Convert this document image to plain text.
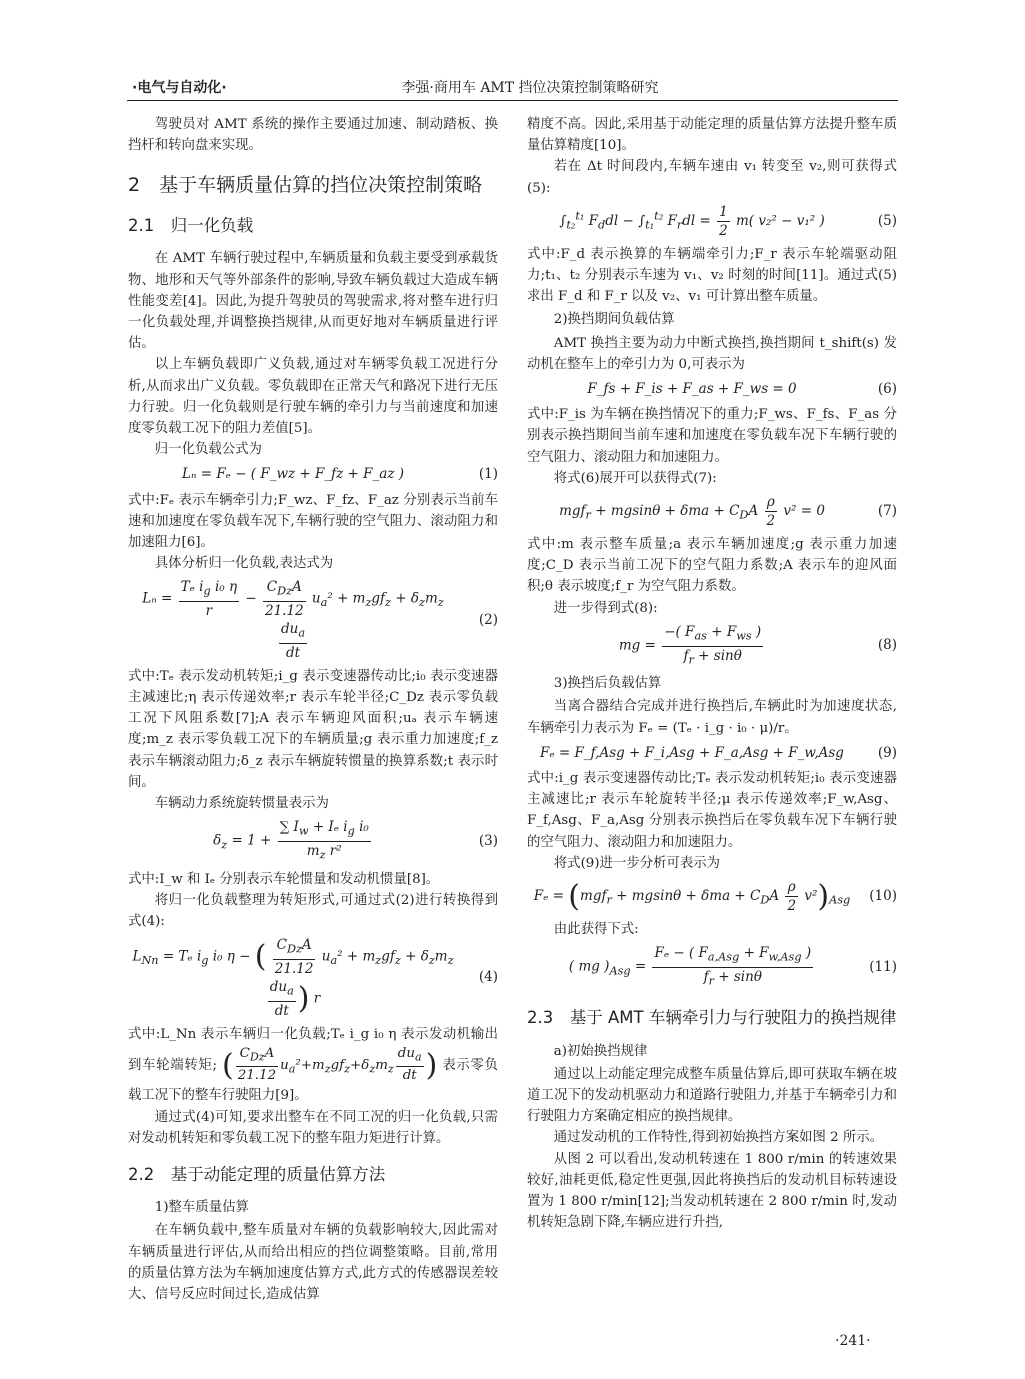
·电气与自动化·	李强·商用车 AMT 挡位决策控制策略研究

驾驶员对 AMT 系统的操作主要通过加速、制动踏板、换挡杆和转向盘来实现。

2　基于车辆质量估算的挡位决策控制策略
2.1　归一化负载

在 AMT 车辆行驶过程中,车辆质量和负载主要受到承载货物、地形和天气等外部条件的影响,导致车辆负载过大造成车辆性能变差[4]。因此,为提升驾驶员的驾驶需求,将对整车进行归一化负载处理,并调整换挡规律,从而更好地对车辆质量进行评估。

以上车辆负载即广义负载,通过对车辆零负载工况进行分析,从而求出广义负载。零负载即在正常天气和路况下进行无压力行驶。归一化负载则是行驶车辆的牵引力与当前速度和加速度零负载工况下的阻力差值[5]。

归一化负载公式为

Lₙ = Fₑ − ( F_wz + F_fz + F_az )	(1)

式中:Fₑ 表示车辆牵引力;F_wz、F_fz、F_az 分别表示当前车速和加速度在零负载车况下,车辆行驶的空气阻力、滚动阻力和加速阻力[6]。

具体分析归一化负载,表达式为

$L_n = \frac{T_e i_g i_0 \eta}{r} - \frac{C_{Dz}A}{21.12} u_a^2 + m_zgf_z + \delta_zm_z$
$\frac{du_a}{dt}$
(2)

式中:Tₑ 表示发动机转矩;i_g 表示变速器传动比;i₀ 表示变速器主减速比;η 表示传递效率;r 表示车轮半径;C_Dz 表示零负载工况下风阻系数[7];A 表示车辆迎风面积;uₐ 表示车辆速度;m_z 表示零负载工况下的车辆质量;g 表示重力加速度;f_z 表示车辆滚动阻力;δ_z 表示车辆旋转惯量的换算系数;t 表示时间。

车辆动力系统旋转惯量表示为

$\delta_z = 1 + \frac{\sum I_w + I_e i_g i_0}{m_z r^2}$	(3)

式中:I_w 和 Iₑ 分别表示车轮惯量和发动机惯量[8]。

将归一化负载整理为转矩形式,可通过式(2)进行转换得到式(4):

$L_{Nn} = T_e$ $i_g$ i₀ η − ( $\frac{C_{Dz}A}{21.12} u_a^2 + m_zgf_z + \delta_zm_z$
$\frac{du_a}{dt}$ ) r
(4)

式中:L_Nn 表示车辆归一化负载;Tₑ i_g i₀ η 表示发动机输出到车轮端转矩; ( $\frac{C_{Dz}A}{21.12} u_a^2+m_zgf_z+\delta_zm_z \frac{du_a}{dt}$ ) 表示零负载工况下的整车行驶阻力[9]。

通过式(4)可知,要求出整车在不同工况的归一化负载,只需对发动机转矩和零负载工况下的整车阻力矩进行计算。

2.2　基于动能定理的质量估算方法

1)整车质量估算

在车辆负载中,整车质量对车辆的负载影响较大,因此需对车辆质量进行评估,从而给出相应的挡位调整策略。目前,常用的质量估算方法为车辆加速度估算方式,此方式的传感器误差较大、信号反应时间过长,造成估算

精度不高。因此,采用基于动能定理的质量估算方法提升整车质量估算精度[10]。

若在 Δt 时间段内,车辆车速由 v₁ 转变至 v₂,则可获得式(5):

$\int_{t_2}^{t_1}$ $F_ddl - \int_{t_1}^{t_2}$ $F_rdl = \frac{1}{2} m$( v₂² − v₁² )	(5)

式中:F_d 表示换算的车辆端牵引力;F_r 表示车轮端驱动阻力;t₁、t₂ 分别表示车速为 v₁、v₂ 时刻的时间[11]。通过式(5)求出 F_d 和 F_r 以及 v₂、v₁ 可计算出整车质量。

2)换挡期间负载估算

AMT 换挡主要为动力中断式换挡,换挡期间 t_shift(s) 发动机在整车上的牵引力为 0,可表示为

F_fs + F_is + F_as + F_ws = 0	(6)

式中:F_is 为车辆在换挡情况下的重力;F_ws、F_fs、F_as 分别表示换挡期间当前车速和加速度在零负载车况下车辆行驶的空气阻力、滚动阻力和加速阻力。

将式(6)展开可以获得式(7):

$mgf_r + mgsin\theta + \delta ma + C_DA \frac{\rho}{2} v^2 = 0$	(7)

式中:m 表示整车质量;a 表示车辆加速度;g 表示重力加速度;C_D 表示当前工况下的空气阻力系数;A 表示车的迎风面积;θ 表示坡度;f_r 为空气阻力系数。

进一步得到式(8):

mg = $\frac{-( F_{as} + F_{ws} )}{f_r + \sin\theta}$	(8)

3)换挡后负载估算

当离合器结合完成并进行换挡后,车辆此时为加速度状态,车辆牵引力表示为 Fₑ = (Tₑ · i_g · i₀ · μ)/r。

Fₑ = F_f,Asg + F_i,Asg + F_a,Asg + F_w,Asg	(9)

式中:i_g 表示变速器传动比;Tₑ 表示发动机转矩;i₀ 表示变速器主减速比;r 表示车轮旋转半径;μ 表示传递效率;F_w,Asg、F_f,Asg、F_a,Asg 分别表示换挡后在零负载车况下车辆行驶的空气阻力、滚动阻力和加速阻力。

将式(9)进一步分析可表示为

$F_e = (mgf_r + mgsin\theta + \delta ma + C_DA \frac{\rho}{2} v^2)_{Asg}$	(10)

由此获得下式:

( mg )$_{Asg} = \frac{F_e - ( F_{a,Asg} + F_{w,Asg} )}{f_r + \sin\theta}$	(11)
2.3　基于 AMT 车辆牵引力与行驶阻力的换挡规律

a)初始换挡规律

通过以上动能定理完成整车质量估算后,即可获取车辆在坡道工况下的发动机驱动力和道路行驶阻力,并基于车辆牵引力和行驶阻力方案确定相应的换挡规律。

通过发动机的工作特性,得到初始换挡方案如图 2 所示。

从图 2 可以看出,发动机转速在 1 800 r/min 的转速效果较好,油耗更低,稳定性更强,因此将换挡后的发动机目标转速设置为 1 800 r/min[12];当发动机转速在 2 800 r/min 时,发动机转矩急剧下降,车辆应进行升挡,

·241·
